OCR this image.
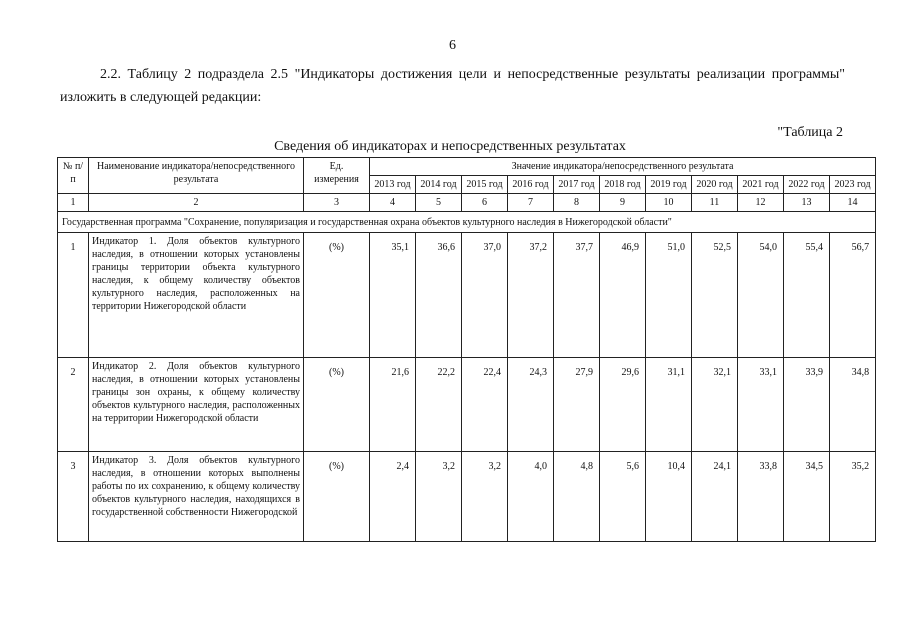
6
2.2. Таблицу 2 подраздела 2.5 "Индикаторы достижения цели и непосредственные результаты реализации программы" изложить в следующей редакции:
"Таблица 2
Сведения об индикаторах и непосредственных результатах
№ п/п	Наименование индикатора/непосредственного результата	Ед. измерения	Значение индикатора/непосредственного результата										
			2013 год	2014 год	2015 год	2016 год	2017 год	2018 год	2019 год	2020 год	2021 год	2022 год	2023 год
1	2	3	4	5	6	7	8	9	10	11	12	13	14
Государственная программа "Сохранение, популяризация и государственная охрана объектов культурного наследия в Нижегородской области"													
1	Индикатор 1. Доля объектов культурного наследия, в отношении которых установлены границы территории объекта культурного наследия, к общему количеству объектов культурного наследия, расположенных на территории Нижегородской области	(%)	35,1	36,6	37,0	37,2	37,7	46,9	51,0	52,5	54,0	55,4	56,7
2	Индикатор 2. Доля объектов культурного наследия, в отношении которых установлены границы зон охраны, к общему количеству объектов культурного наследия, расположенных на территории Нижегородской области	(%)	21,6	22,2	22,4	24,3	27,9	29,6	31,1	32,1	33,1	33,9	34,8
3	Индикатор 3. Доля объектов культурного наследия, в отношении которых выполнены работы по их сохранению, к общему количеству объектов культурного наследия, находящихся в государственной собственности Нижегородской	(%)	2,4	3,2	3,2	4,0	4,8	5,6	10,4	24,1	33,8	34,5	35,2
